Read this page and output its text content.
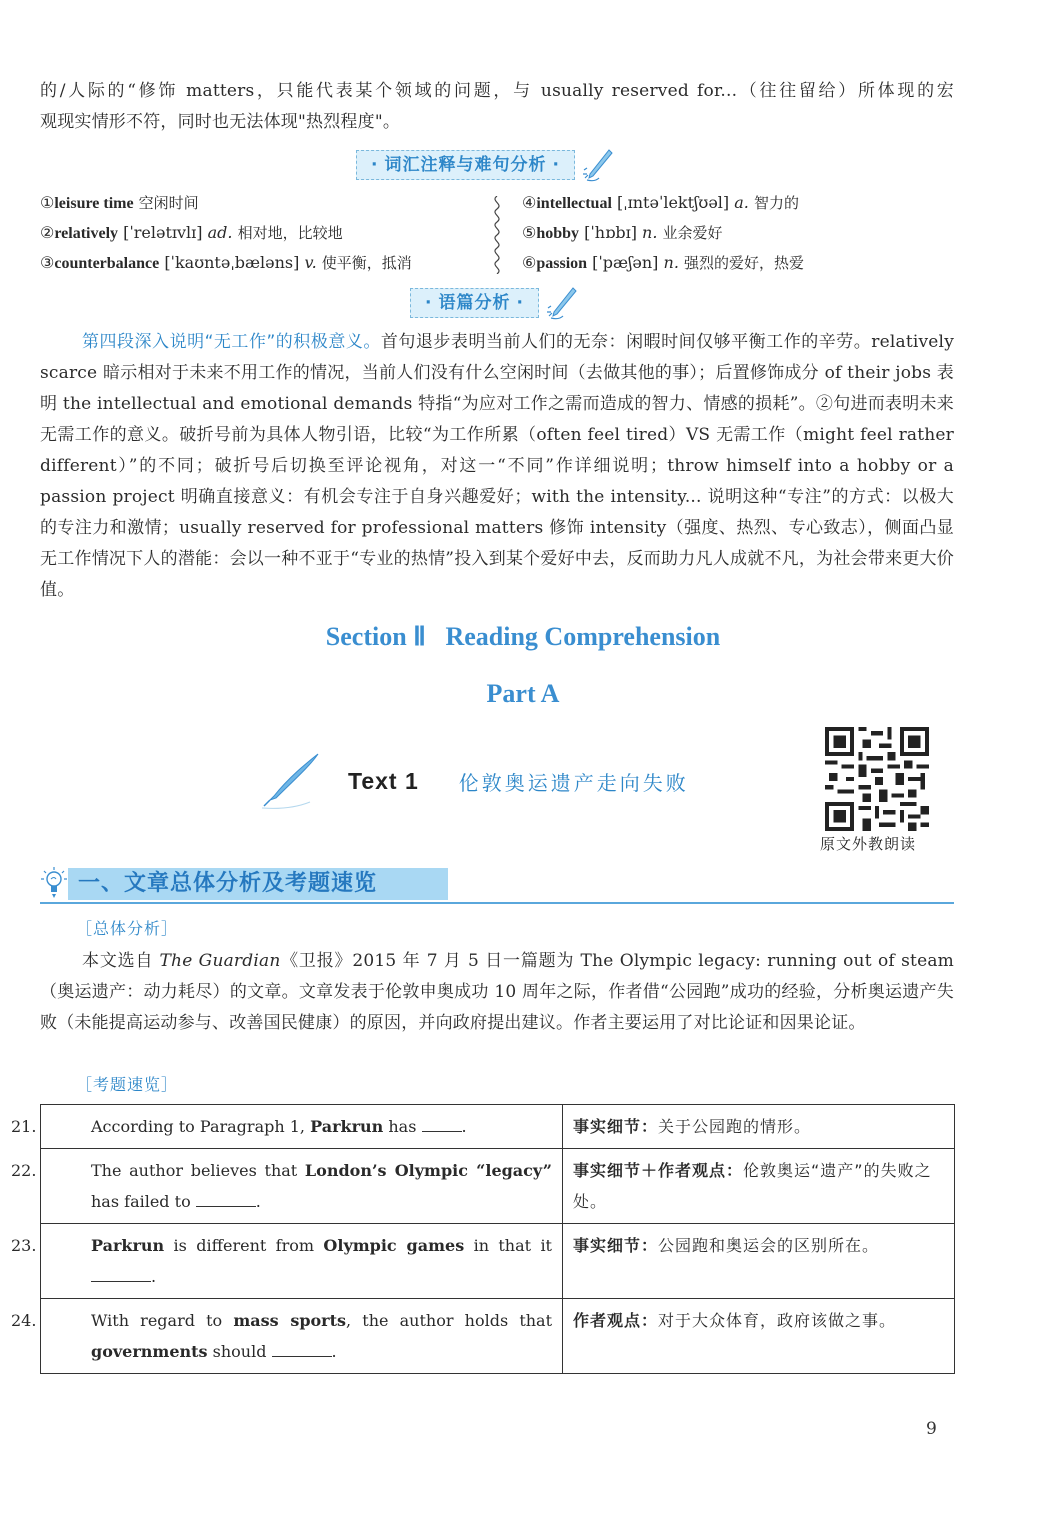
的/人际的“修饰 matters，只能代表某个领域的问题，与 usually reserved for...（往往留给）所体现的宏
观现实情形不符，同时也无法体现"热烈程度"。
· 词汇注释与难句分析 ·
①leisure time 空闲时间
②relatively [ˈrelətɪvlɪ] ad. 相对地，比较地
③counterbalance [ˈkaʊntəˌbæləns] v. 使平衡，抵消
④intellectual [ˌɪntəˈlektʃʊəl] a. 智力的
⑤hobby [ˈhɒbɪ] n. 业余爱好
⑥passion [ˈpæʃən] n. 强烈的爱好，热爱
· 语篇分析 ·
第四段深入说明“无工作”的积极意义。首句退步表明当前人们的无奈：闲暇时间仅够平衡工作的辛劳。relatively scarce 暗示相对于未来不用工作的情况，当前人们没有什么空闲时间（去做其他的事）；后置修饰成分 of their jobs 表明 the intellectual and emotional demands 特指“为应对工作之需而造成的智力、情感的损耗”。②句进而表明未来无需工作的意义。破折号前为具体人物引语，比较“为工作所累（often feel tired）VS 无需工作（might feel rather different）”的不同；破折号后切换至评论视角，对这一“不同”作详细说明；throw himself into a hobby or a passion project 明确直接意义：有机会专注于自身兴趣爱好；with the intensity... 说明这种“专注”的方式：以极大的专注力和激情；usually reserved for professional matters 修饰 intensity（强度、热烈、专心致志），侧面凸显无工作情况下人的潜能：会以一种不亚于“专业的热情”投入到某个爱好中去，反而助力凡人成就不凡，为社会带来更大价值。
Section Ⅱ   Reading Comprehension
Part A
Text 1 伦敦奥运遗产走向失败
原文外教朗读
一、文章总体分析及考题速览
［总体分析］
本文选自 The Guardian《卫报》2015 年 7 月 5 日一篇题为 The Olympic legacy: running out of steam（奥运遗产：动力耗尽）的文章。文章发表于伦敦申奥成功 10 周年之际，作者借“公园跑”成功的经验，分析奥运遗产失败（未能提高运动参与、改善国民健康）的原因，并向政府提出建议。作者主要运用了对比论证和因果论证。
［考题速览］
21. According to Paragraph 1, Parkrun has .	事实细节：关于公园跑的情形。

22. The author believes that London’s Olympic “legacy” has failed to .	事实细节＋作者观点：伦敦奥运“遗产”的失败之处。

23. Parkrun is different from Olympic games in that it .	事实细节：公园跑和奥运会的区别所在。

24. With regard to mass sports, the author holds that governments should .	作者观点：对于大众体育，政府该做之事。
9
